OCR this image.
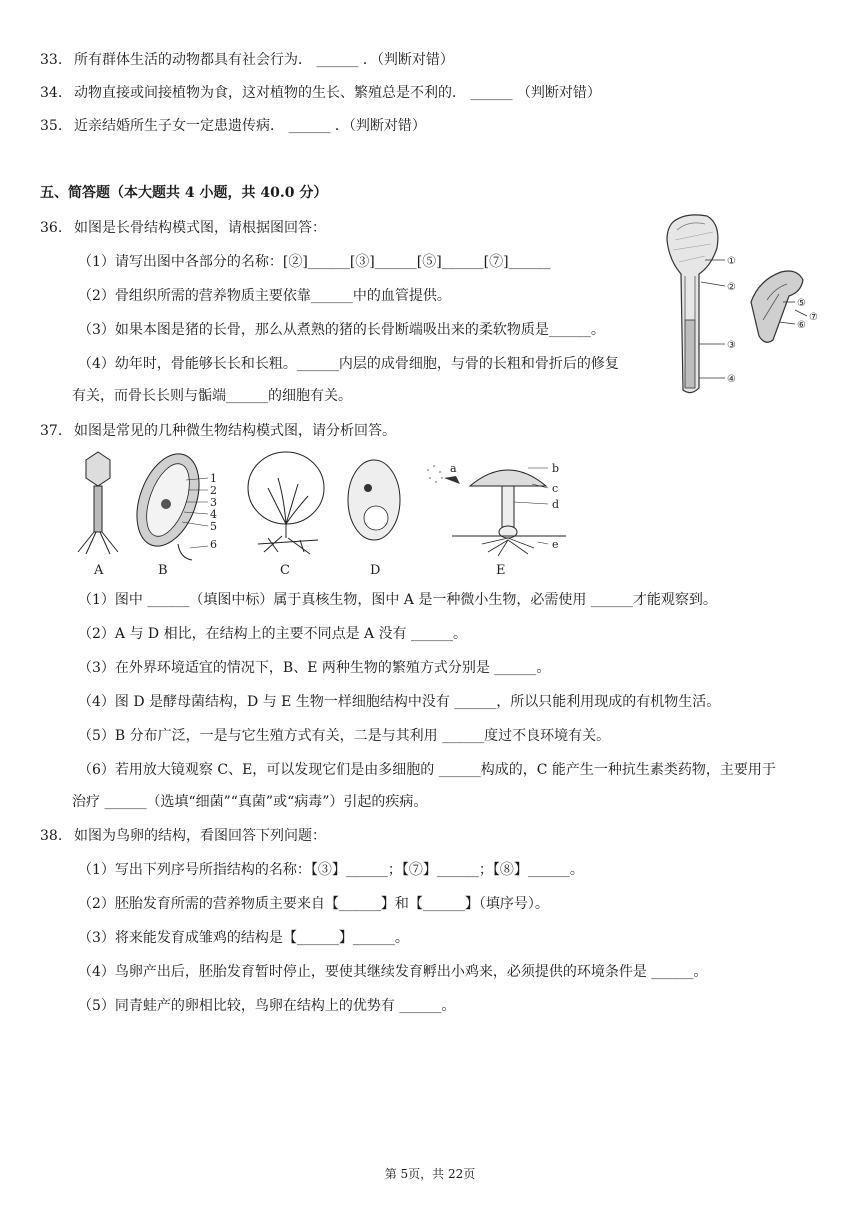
33. 所有群体生活的动物都具有社会行为． ______ ．（判断对错）
34. 动物直接或间接植物为食，这对植物的生长、繁殖总是不利的． ______ （判断对错）
35. 近亲结婚所生子女一定患遗传病． ______ ．（判断对错）
五、简答题（本大题共 4 小题，共 40.0 分）
36. 如图是长骨结构模式图，请根据图回答：
（1）请写出图中各部分的名称：[②]______[③]______[⑤]______[⑦]______
（2）骨组织所需的营养物质主要依靠______中的血管提供。
（3）如果本图是猪的长骨，那么从煮熟的猪的长骨断端吸出来的柔软物质是______。
（4）幼年时，骨能够长长和长粗。______内层的成骨细胞，与骨的长粗和骨折后的修复
有关，而骨长长则与骺端______的细胞有关。
①
②
③
④
⑤
⑥
⑦
37. 如图是常见的几种微生物结构模式图，请分析回答。
1
2
3
4
5
6
a	b
c
d
e
A	B	C	D	E
（1）图中 ______（填图中标）属于真核生物，图中 A 是一种微小生物，必需使用 ______才能观察到。
（2）A 与 D 相比，在结构上的主要不同点是 A 没有 ______。
（3）在外界环境适宜的情况下，B、E 两种生物的繁殖方式分别是 ______。
（4）图 D 是酵母菌结构，D 与 E 生物一样细胞结构中没有 ______，所以只能利用现成的有机物生活。
（5）B 分布广泛，一是与它生殖方式有关，二是与其利用 ______度过不良环境有关。
（6）若用放大镜观察 C、E，可以发现它们是由多细胞的 ______构成的，C 能产生一种抗生素类药物，主要用于
治疗 ______（选填“细菌”“真菌”或“病毒”）引起的疾病。
38. 如图为鸟卵的结构，看图回答下列问题：
（1）写出下列序号所指结构的名称：【③】______；【⑦】______；【⑧】______。
（2）胚胎发育所需的营养物质主要来自【______】和【______】（填序号）。
（3）将来能发育成雏鸡的结构是【______】______。
（4）鸟卵产出后，胚胎发育暂时停止，要使其继续发育孵出小鸡来，必须提供的环境条件是 ______。
（5）同青蛙产的卵相比较，鸟卵在结构上的优势有 ______。
第 5页，共 22页
